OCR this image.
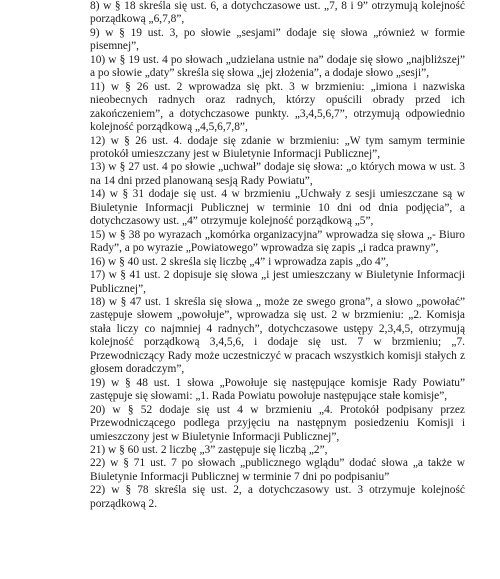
8) w § 18 skreśla się ust. 6, a dotychczasowe ust. „7, 8 i 9” otrzymują kolejność porządkową „6,7,8”,

9) w § 19 ust. 3, po słowie „sesjami” dodaje się słowa „również w formie pisemnej”,

10) w § 19 ust. 4 po słowach „udzielana ustnie na” dodaje się słowo „najbliższej” a po słowie „daty” skreśla się słowa „jej złożenia”, a dodaje słowo „sesji”,

11) w § 26 ust. 2 wprowadza się pkt. 3 w brzmieniu: „imiona i nazwiska nieobecnych radnych oraz radnych, którzy opuścili obrady przed ich zakończeniem”, a dotychczasowe punkty. „3,4,5,6,7”, otrzymują odpowiednio kolejność porządkową „4,5,6,7,8”,

12) w § 26 ust. 4. dodaje się zdanie w brzmieniu: „W tym samym terminie protokół umieszczany jest w Biuletynie Informacji Publicznej”,

13) w § 27 ust. 4 po słowie „uchwał” dodaje się słowa: „o których mowa w ust. 3 na 14 dni przed planowaną sesją Rady Powiatu”,

14) w § 31 dodaje się ust. 4 w brzmieniu „Uchwały z sesji umieszczane są w Biuletynie Informacji Publicznej w terminie 10 dni od dnia podjęcia”, a dotychczasowy ust. „4” otrzymuje kolejność porządkową „5”,

15) w § 38 po wyrazach „komórka organizacyjna” wprowadza się słowa „- Biuro Rady”, a po wyrazie „Powiatowego” wprowadza się zapis „i radca prawny”,

16) w § 40 ust. 2 skreśla się liczbę „4” i wprowadza zapis „do 4”,

17) w § 41 ust. 2 dopisuje się słowa „i jest umieszczany w Biuletynie Informacji Publicznej”,

18) w § 47 ust. 1 skreśla się słowa „ może ze swego grona”, a słowo „powołać” zastępuje słowem „powołuje”, wprowadza się ust. 2 w brzmieniu: „2. Komisja stała liczy co najmniej 4 radnych”, dotychczasowe ustępy 2,3,4,5, otrzymują kolejność porządkową 3,4,5,6, i dodaje się ust. 7 w brzmieniu; „7. Przewodniczący Rady może uczestniczyć w pracach wszystkich komisji stałych z głosem doradczym”,

19) w § 48 ust. 1 słowa „Powołuje się następujące komisje Rady Powiatu” zastępuje się słowami: „1. Rada Powiatu powołuje następujące stałe komisje”,

20) w § 52 dodaje się ust 4 w brzmieniu „4. Protokół podpisany przez Przewodniczącego podlega przyjęciu na następnym posiedzeniu Komisji i umieszczony jest w Biuletynie Informacji Publicznej”,

21) w § 60 ust. 2 liczbę „3” zastępuje się liczbą „2”,

22) w § 71 ust. 7 po słowach „publicznego wglądu” dodać słowa „a także w Biuletynie Informacji Publicznej w terminie 7 dni po podpisaniu”

22) w § 78 skreśla się ust. 2, a dotychczasowy ust. 3 otrzymuje kolejność porządkową 2.
